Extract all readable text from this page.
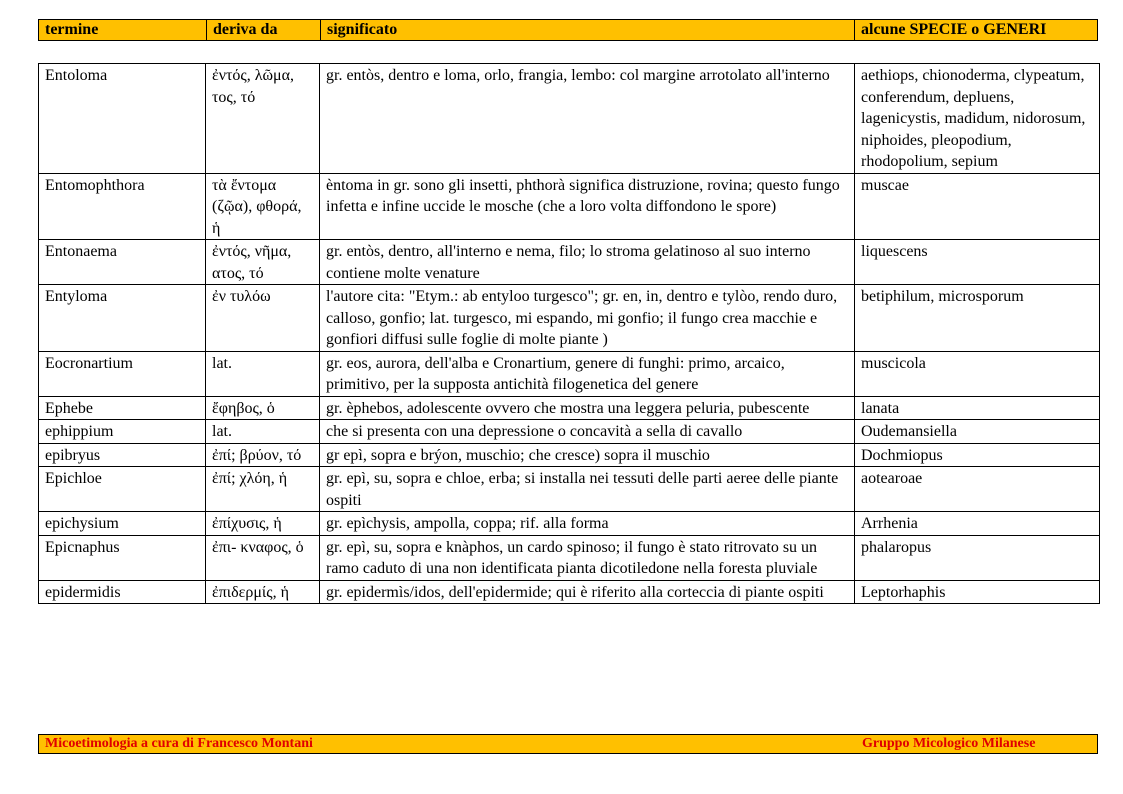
termine	deriva da	significato	alcune SPECIE o GENERI
Entoloma	ἐντός, λῶμα, τος, τό	gr. entòs, dentro e loma, orlo, frangia, lembo: col margine arrotolato all'interno	aethiops, chionoderma, clypeatum, conferendum, depluens, lagenicystis, madidum, nidorosum, niphoides, pleopodium, rhodopolium, sepium
Entomophthora	τὰ ἔντομα (ζῷα), φθορά, ἡ	èntoma in gr. sono gli insetti, phthorà significa distruzione, rovina; questo fungo infetta e infine uccide le mosche (che a loro volta diffondono le spore)	muscae
Entonaema	ἐντός, νῆμα, ατος, τό	gr. entòs, dentro, all'interno e nema, filo; lo stroma gelatinoso al suo interno contiene molte venature	liquescens
Entyloma	ἐν τυλόω	l'autore cita: "Etym.: ab entyloo turgesco"; gr. en, in, dentro e tylòo, rendo duro, calloso, gonfio; lat. turgesco, mi espando, mi gonfio; il fungo crea macchie e gonfiori diffusi sulle foglie di molte piante )	betiphilum, microsporum
Eocronartium	lat.	gr. eos, aurora, dell'alba e Cronartium, genere di funghi: primo, arcaico, primitivo, per la supposta antichità filogenetica del genere	muscicola
Ephebe	ἔφηβος, ὁ	gr. èphebos, adolescente ovvero che mostra una leggera peluria, pubescente	lanata
ephippium	lat.	che si presenta con una depressione o concavità a sella di cavallo	Oudemansiella
epibryus	ἐπί; βρύον, τό	gr epì, sopra e brýon, muschio; che cresce) sopra il muschio	Dochmiopus
Epichloe	ἐπί; χλόη, ἡ	gr. epì, su, sopra e chloe, erba; si installa nei tessuti delle parti aeree delle piante ospiti	aotearoae
epichysium	ἐπίχυσις, ἡ	gr. epìchysis, ampolla, coppa; rif. alla forma	Arrhenia
Epicnaphus	ἐπι- κναφος, ὁ	gr. epì, su, sopra e knàphos, un cardo spinoso; il fungo è stato ritrovato su un ramo caduto di una non identificata pianta dicotiledone nella foresta pluviale	phalaropus
epidermidis	ἐπιδερμίς, ἡ	gr. epidermìs/idos, dell'epidermide; qui è riferito alla corteccia di piante ospiti	Leptorhaphis
Micoetimologia a cura di Francesco Montani	Gruppo Micologico Milanese
